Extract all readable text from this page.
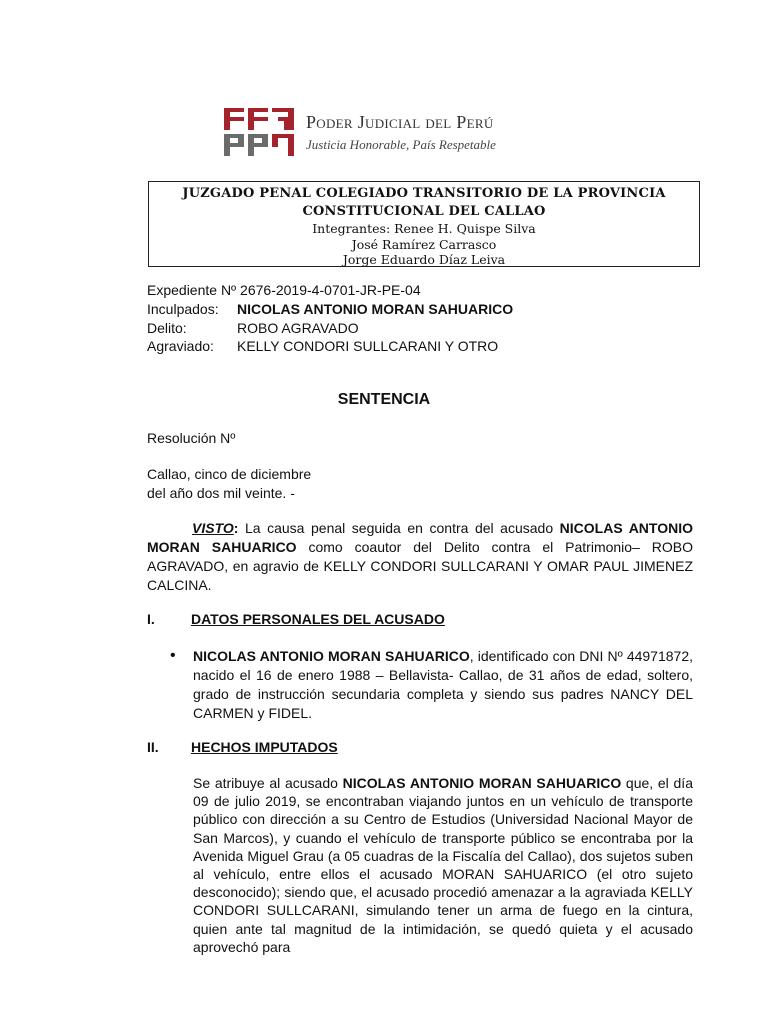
Poder Judicial del Perú
Justicia Honorable, País Respetable
JUZGADO PENAL COLEGIADO TRANSITORIO DE LA PROVINCIA
CONSTITUCIONAL DEL CALLAO
Integrantes: Renee H. Quispe Silva
José Ramírez Carrasco
Jorge Eduardo Díaz Leiva
Expediente Nº 2676-2019-4-0701-JR-PE-04
Inculpados: NICOLAS ANTONIO MORAN SAHUARICO
Delito:	ROBO AGRAVADO
Agraviado: KELLY CONDORI SULLCARANI Y OTRO
SENTENCIA
Resolución Nº
Callao, cinco de diciembre
del año dos mil veinte. -
VISTO: La causa penal seguida en contra del acusado NICOLAS ANTONIO MORAN SAHUARICO como coautor del Delito contra el Patrimonio– ROBO AGRAVADO, en agravio de KELLY CONDORI SULLCARANI Y OMAR PAUL JIMENEZ CALCINA.
I.	DATOS PERSONALES DEL ACUSADO
• NICOLAS ANTONIO MORAN SAHUARICO, identificado con DNI Nº 44971872, nacido el 16 de enero 1988 – Bellavista- Callao, de 31 años de edad, soltero, grado de instrucción secundaria completa y siendo sus padres NANCY DEL CARMEN y FIDEL.
II. HECHOS IMPUTADOS
Se atribuye al acusado NICOLAS ANTONIO MORAN SAHUARICO que, el día 09 de julio 2019, se encontraban viajando juntos en un vehículo de transporte público con dirección a su Centro de Estudios (Universidad Nacional Mayor de San Marcos), y cuando el vehículo de transporte público se encontraba por la Avenida Miguel Grau (a 05 cuadras de la Fiscalía del Callao), dos sujetos suben al vehículo, entre ellos el acusado MORAN SAHUARICO (el otro sujeto desconocido); siendo que, el acusado procedió amenazar a la agraviada KELLY CONDORI SULLCARANI, simulando tener un arma de fuego en la cintura, quien ante tal magnitud de la intimidación, se quedó quieta y el acusado aprovechó para
